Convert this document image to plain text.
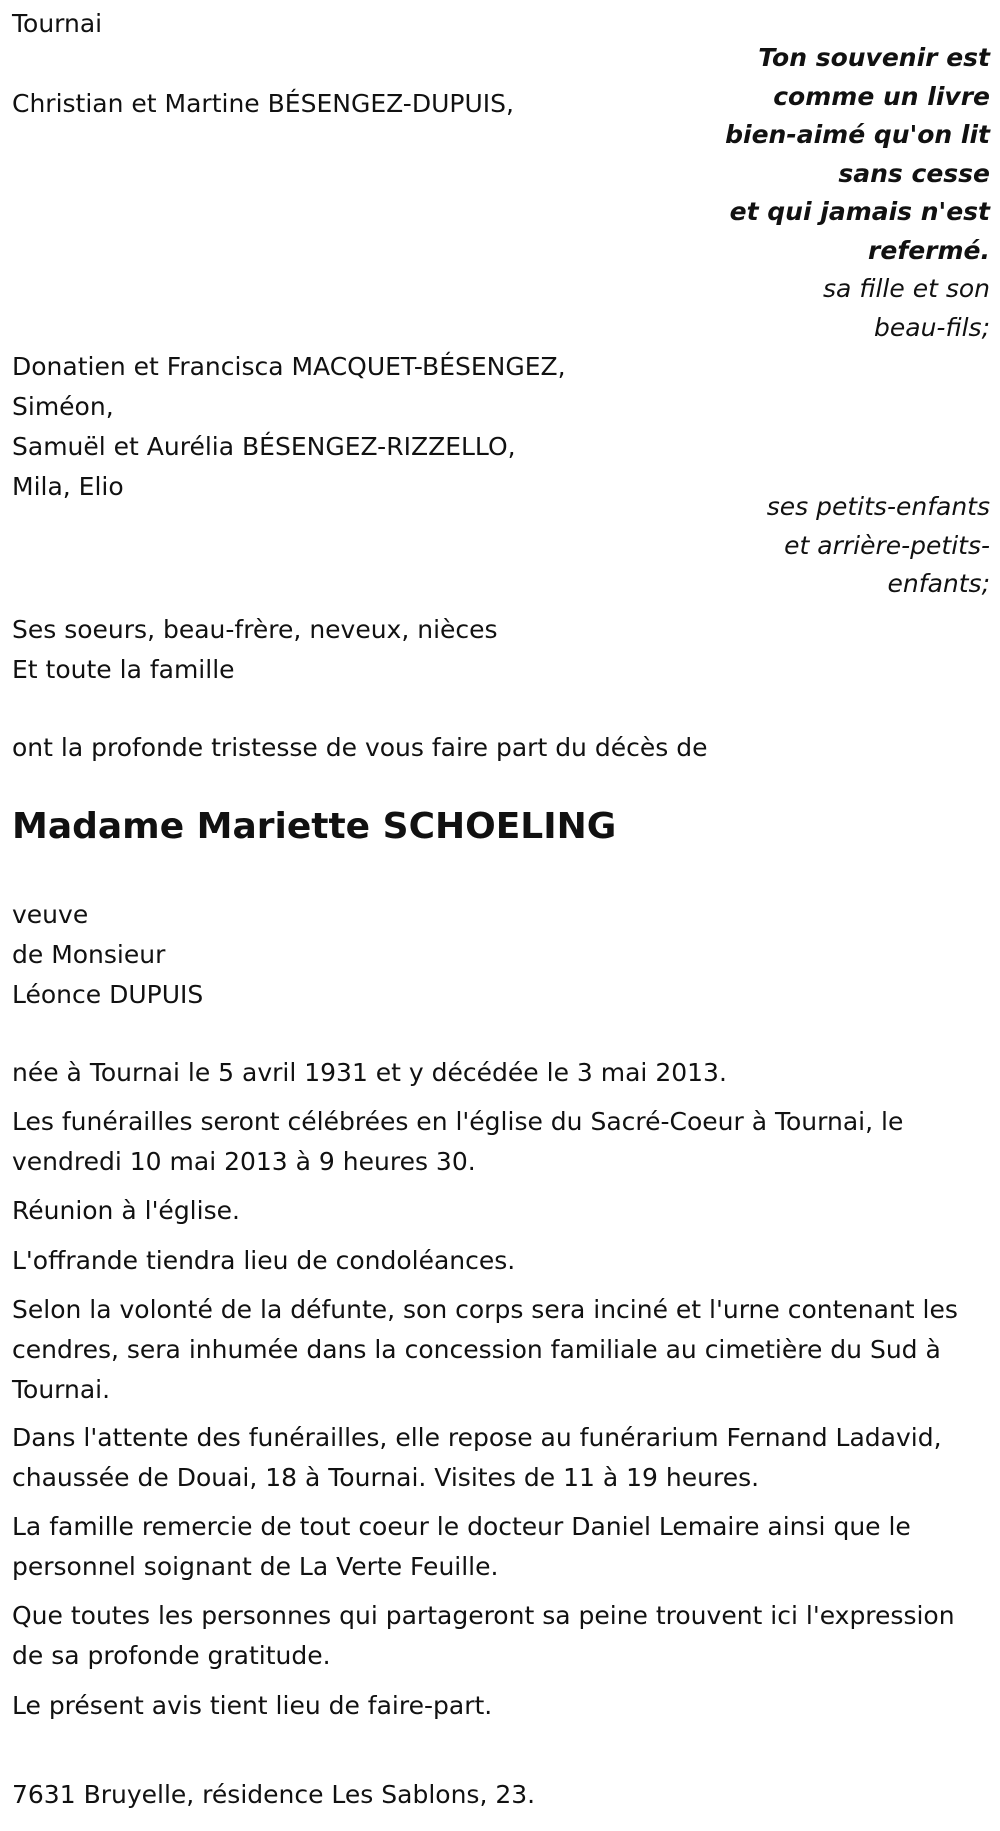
Tournai

Ton souvenir est
comme un livre
bien-aimé qu'on lit
sans cesse
et qui jamais n'est
refermé.
sa fille et son
beau-fils;

Christian et Martine BÉSENGEZ-DUPUIS,

Donatien et Francisca MACQUET-BÉSENGEZ,
Siméon,
Samuël et Aurélia BÉSENGEZ-RIZZELLO,
Mila, Elio
ses petits-enfants
et arrière-petits-
enfants;
Ses soeurs, beau-frère, neveux, nièces
Et toute la famille

ont la profonde tristesse de vous faire part du décès de

Madame Mariette SCHOELING

veuve
de Monsieur
Léonce DUPUIS

née à Tournai le 5 avril 1931 et y décédée le 3 mai 2013.

Les funérailles seront célébrées en l'église du Sacré-Coeur à Tournai, le vendredi 10 mai 2013 à 9 heures 30.

Réunion à l'église.

L'offrande tiendra lieu de condoléances.

Selon la volonté de la défunte, son corps sera inciné et l'urne contenant les cendres, sera inhumée dans la concession familiale au cimetière du Sud à Tournai.

Dans l'attente des funérailles, elle repose au funérarium Fernand Ladavid, chaussée de Douai, 18 à Tournai. Visites de 11 à 19 heures.

La famille remercie de tout coeur le docteur Daniel Lemaire ainsi que le personnel soignant de La Verte Feuille.

Que toutes les personnes qui partageront sa peine trouvent ici l'expression de sa profonde gratitude.

Le présent avis tient lieu de faire-part.

7631 Bruyelle, résidence Les Sablons, 23.
